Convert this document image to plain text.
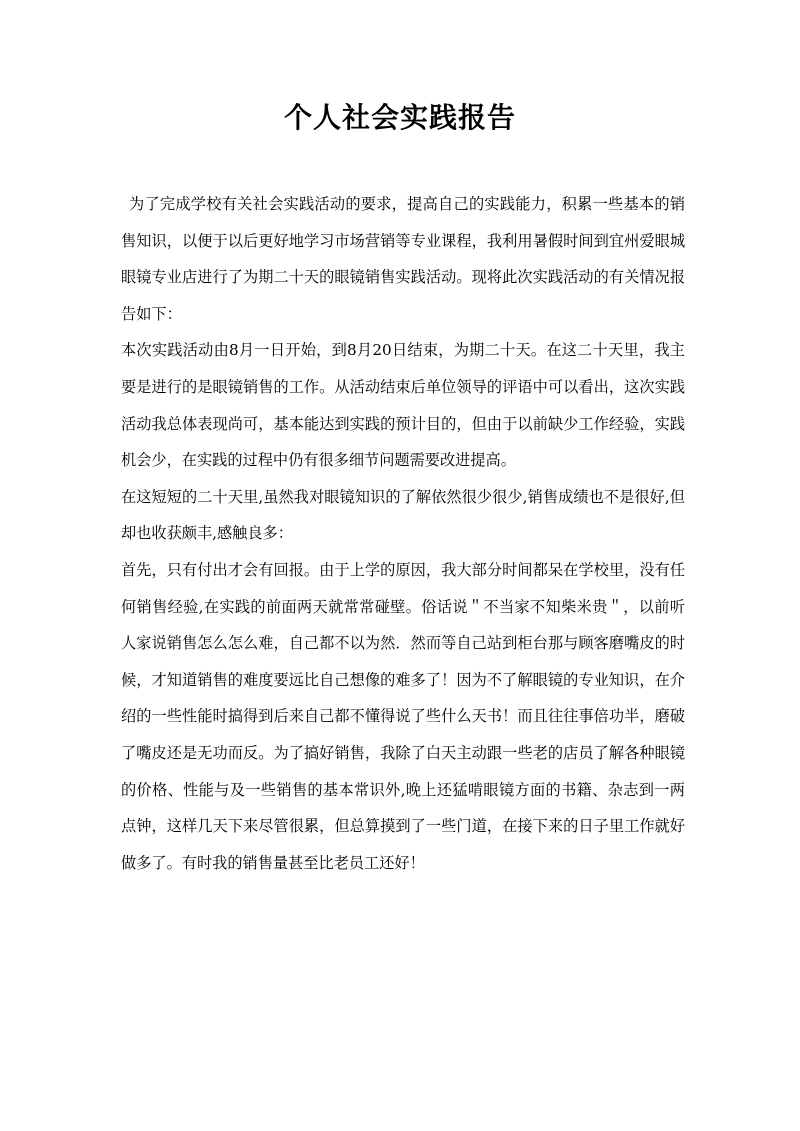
个人社会实践报告

为了完成学校有关社会实践活动的要求，提高自己的实践能力，积累一些基本的销售知识，以便于以后更好地学习市场营销等专业课程，我利用暑假时间到宜州爱眼城眼镜专业店进行了为期二十天的眼镜销售实践活动。现将此次实践活动的有关情况报告如下：

本次实践活动由8月一日开始，到8月20日结束，为期二十天。在这二十天里，我主要是进行的是眼镜销售的工作。从活动结束后单位领导的评语中可以看出，这次实践活动我总体表现尚可，基本能达到实践的预计目的，但由于以前缺少工作经验，实践机会少，在实践的过程中仍有很多细节问题需要改进提高。

在这短短的二十天里,虽然我对眼镜知识的了解依然很少很少,销售成绩也不是很好,但却也收获颇丰,感触良多：

首先，只有付出才会有回报。由于上学的原因，我大部分时间都呆在学校里，没有任何销售经验,在实践的前面两天就常常碰壁。俗话说＂不当家不知柴米贵＂，以前听人家说销售怎么怎么难，自己都不以为然．然而等自己站到柜台那与顾客磨嘴皮的时候，才知道销售的难度要远比自己想像的难多了！因为不了解眼镜的专业知识，在介绍的一些性能时搞得到后来自己都不懂得说了些什么天书！而且往往事倍功半，磨破了嘴皮还是无功而反。为了搞好销售，我除了白天主动跟一些老的店员了解各种眼镜的价格、性能与及一些销售的基本常识外,晚上还猛啃眼镜方面的书籍、杂志到一两点钟，这样几天下来尽管很累，但总算摸到了一些门道，在接下来的日子里工作就好做多了。有时我的销售量甚至比老员工还好！
